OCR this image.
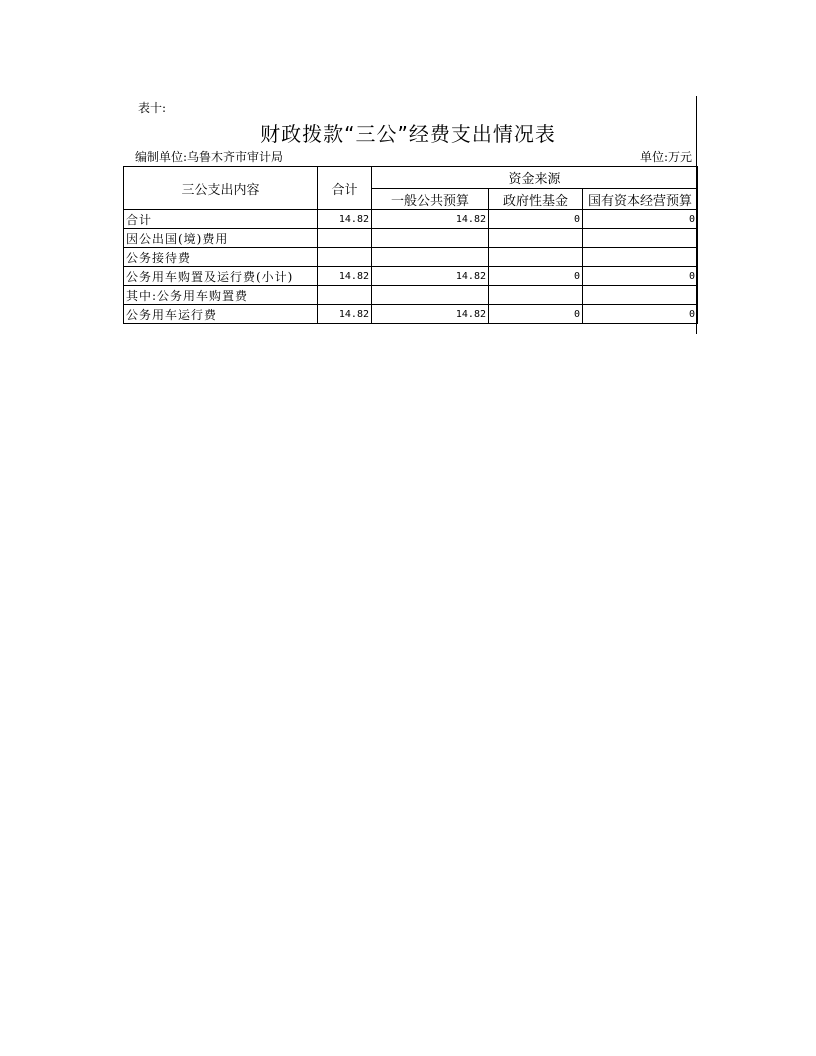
表十:
财政拨款“三公”经费支出情况表
编制单位:乌鲁木齐市审计局	单位:万元
三公支出内容	合计	资金来源		
		一般公共预算	政府性基金	国有资本经营预算
合计	14.82	14.82	0	0
因公出国(境)费用				
公务接待费				
公务用车购置及运行费(小计)	14.82	14.82	0	0
其中:公务用车购置费				
公务用车运行费	14.82	14.82	0	0
